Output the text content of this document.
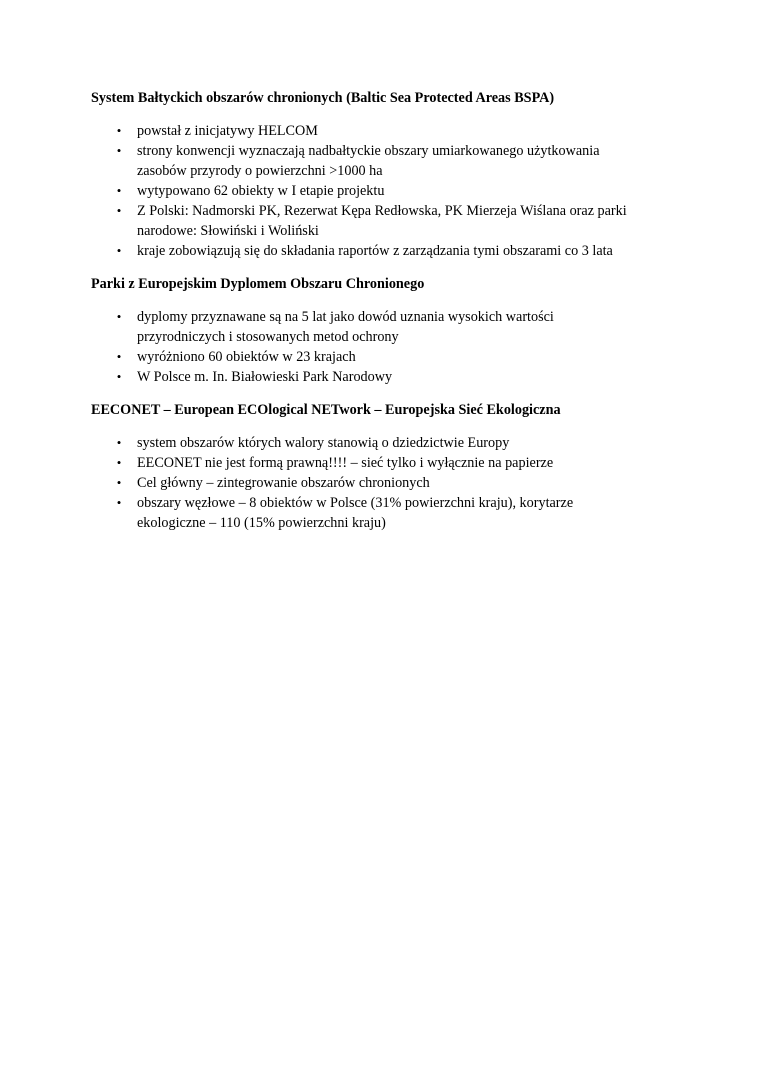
System Bałtyckich obszarów chronionych (Baltic Sea Protected Areas BSPA)

• powstał z inicjatywy HELCOM
• strony konwencji wyznaczają nadbałtyckie obszary umiarkowanego użytkowania
zasobów przyrody o powierzchni >1000 ha
• wytypowano 62 obiekty w I etapie projektu
• Z Polski: Nadmorski PK, Rezerwat Kępa Redłowska, PK Mierzeja Wiślana oraz parki
narodowe: Słowiński i Woliński
• kraje zobowiązują się do składania raportów z zarządzania tymi obszarami co 3 lata

Parki z Europejskim Dyplomem Obszaru Chronionego

• dyplomy przyznawane są na 5 lat jako dowód uznania wysokich wartości
przyrodniczych i stosowanych metod ochrony
• wyróżniono 60 obiektów w 23 krajach
• W Polsce m. In. Białowieski Park Narodowy

EECONET – European ECOlogical NETwork – Europejska Sieć Ekologiczna

• system obszarów których walory stanowią o dziedzictwie Europy
• EECONET nie jest formą prawną!!!! – sieć tylko i wyłącznie na papierze
• Cel główny – zintegrowanie obszarów chronionych
• obszary węzłowe – 8 obiektów w Polsce (31% powierzchni kraju), korytarze
ekologiczne – 110 (15% powierzchni kraju)
